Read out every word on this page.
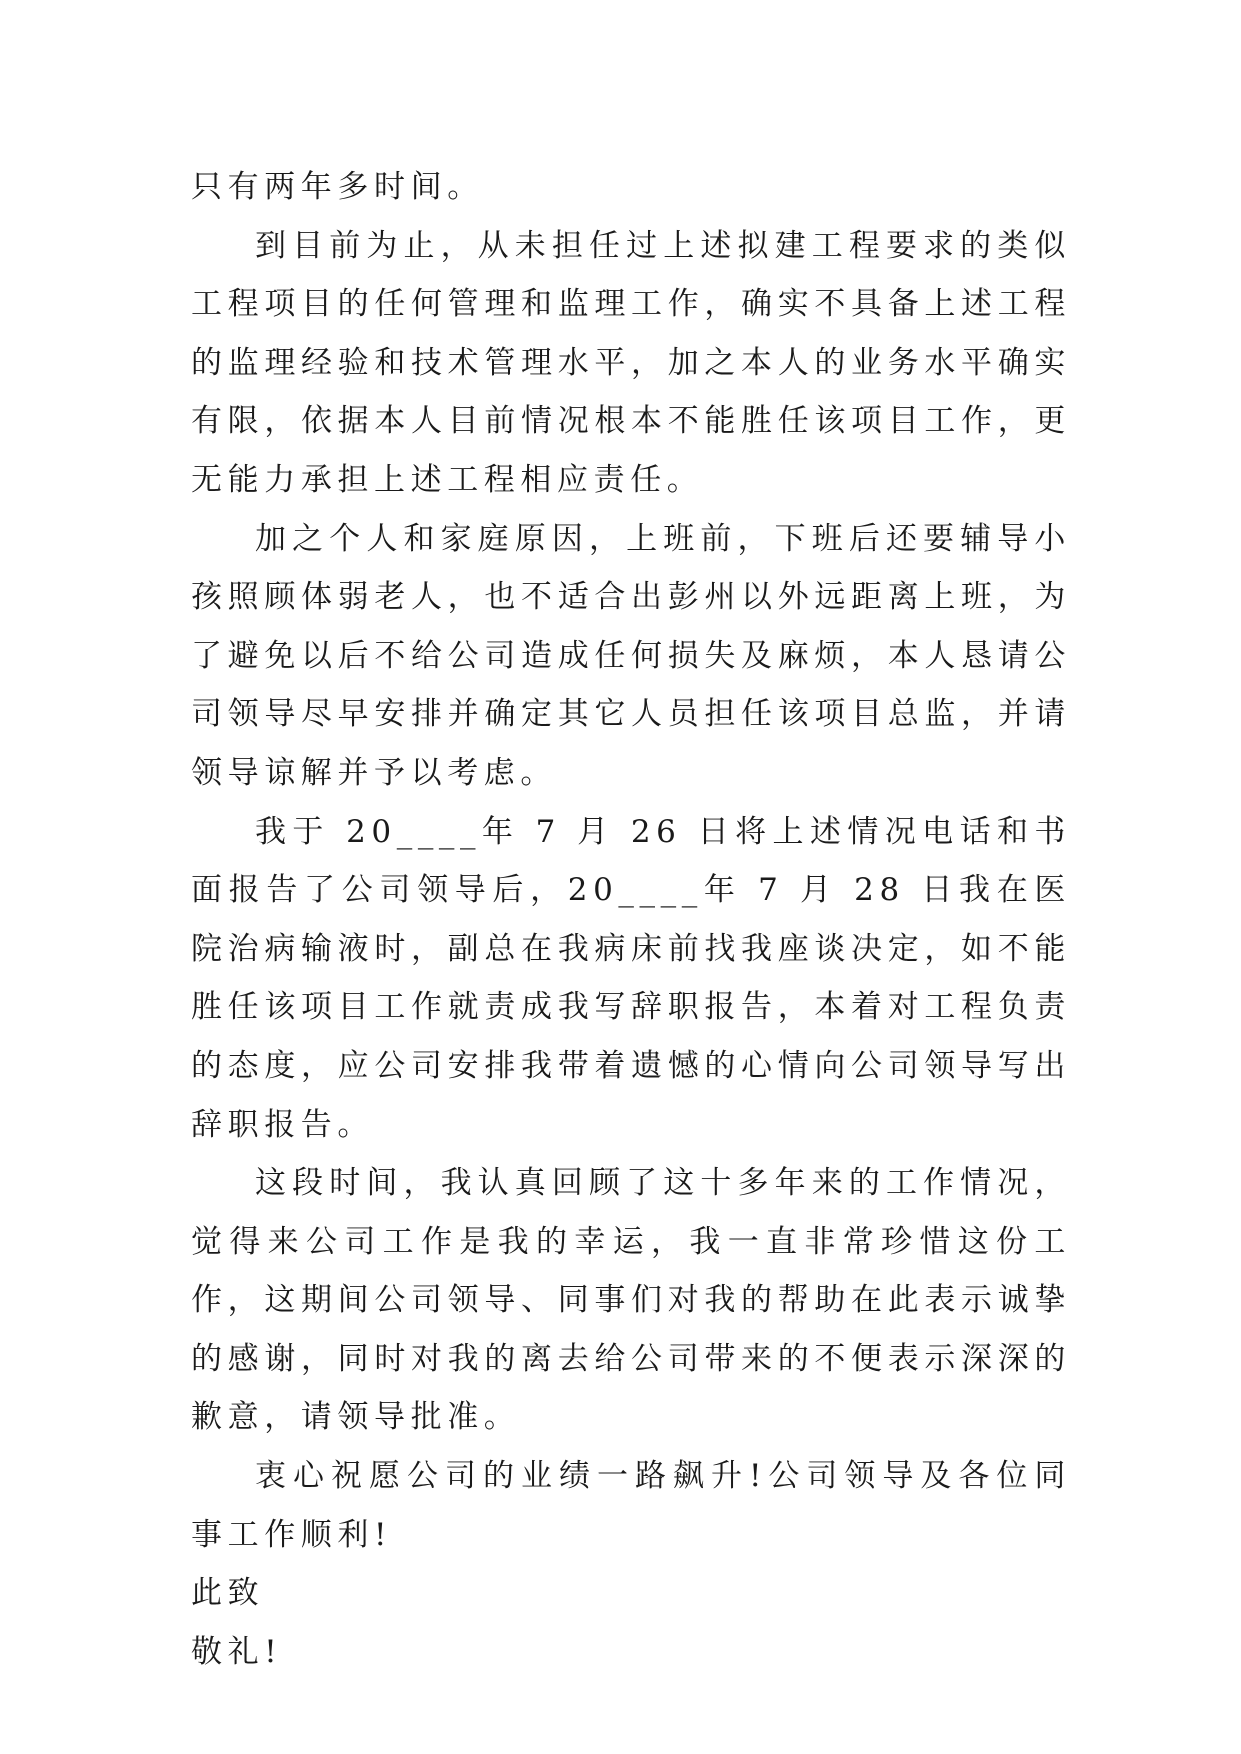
只有两年多时间。

到目前为止，从未担任过上述拟建工程要求的类似工程项目的任何管理和监理工作，确实不具备上述工程的监理经验和技术管理水平，加之本人的业务水平确实有限，依据本人目前情况根本不能胜任该项目工作，更无能力承担上述工程相应责任。

加之个人和家庭原因，上班前，下班后还要辅导小孩照顾体弱老人，也不适合出彭州以外远距离上班，为了避免以后不给公司造成任何损失及麻烦，本人恳请公司领导尽早安排并确定其它人员担任该项目总监，并请领导谅解并予以考虑。

我于 20____年 7 月 26 日将上述情况电话和书面报告了公司领导后，20____年 7 月 28 日我在医院治病输液时，副总在我病床前找我座谈决定，如不能胜任该项目工作就责成我写辞职报告，本着对工程负责的态度，应公司安排我带着遗憾的心情向公司领导写出辞职报告。

这段时间，我认真回顾了这十多年来的工作情况，觉得来公司工作是我的幸运，我一直非常珍惜这份工作，这期间公司领导、同事们对我的帮助在此表示诚挚的感谢，同时对我的离去给公司带来的不便表示深深的歉意，请领导批准。

衷心祝愿公司的业绩一路飙升!公司领导及各位同事工作顺利!

此致

敬礼!
